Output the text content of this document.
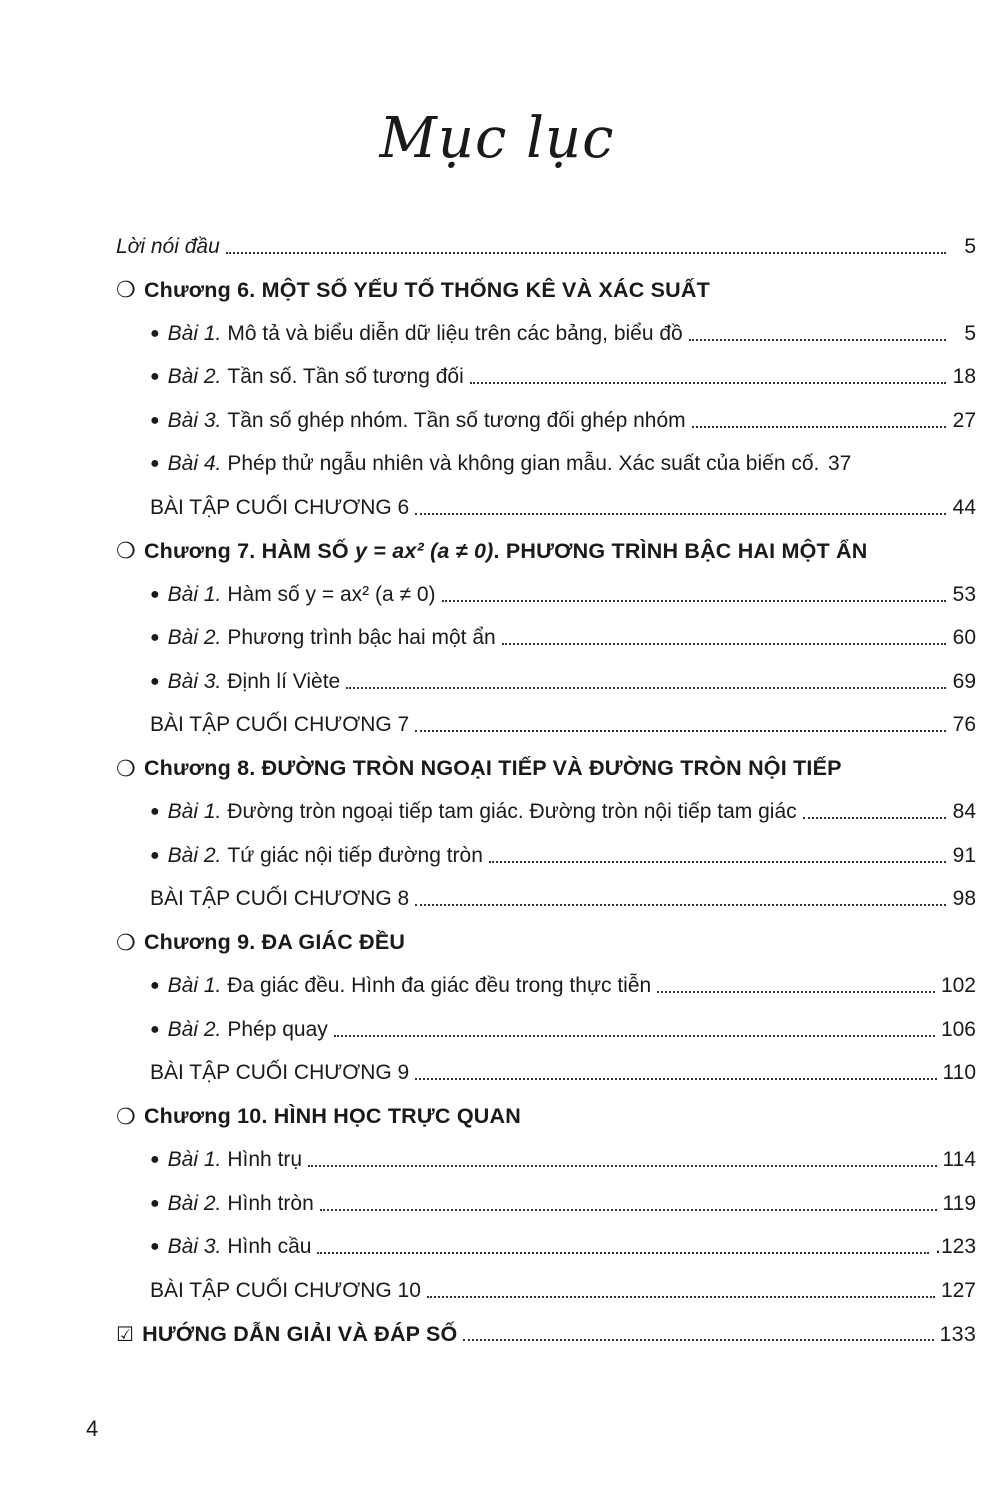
Mục lục
Lời nói đầu	5
❍ Chương 6. MỘT SỐ YẾU TỐ THỐNG KÊ VÀ XÁC SUẤT
● Bài 1. Mô tả và biểu diễn dữ liệu trên các bảng, biểu đồ	5
● Bài 2. Tần số. Tần số tương đối	18
● Bài 3. Tần số ghép nhóm. Tần số tương đối ghép nhóm	27
● Bài 4. Phép thử ngẫu nhiên và không gian mẫu. Xác suất của biến cố. 37
BÀI TẬP CUỐI CHƯƠNG 6	44
❍ Chương 7. HÀM SỐ y = ax² (a ≠ 0) . PHƯƠNG TRÌNH BẬC HAI MỘT ẨN
● Bài 1. Hàm số y = ax² (a ≠ 0)	53
● Bài 2. Phương trình bậc hai một ẩn	60
● Bài 3. Định lí Viète	69
BÀI TẬP CUỐI CHƯƠNG 7	76
❍ Chương 8. ĐƯỜNG TRÒN NGOẠI TIẾP VÀ ĐƯỜNG TRÒN NỘI TIẾP
● Bài 1. Đường tròn ngoại tiếp tam giác. Đường tròn nội tiếp tam giác	84
● Bài 2. Tứ giác nội tiếp đường tròn	91
BÀI TẬP CUỐI CHƯƠNG 8	98
❍ Chương 9. ĐA GIÁC ĐỀU
● Bài 1. Đa giác đều. Hình đa giác đều trong thực tiễn	102
● Bài 2. Phép quay	106
BÀI TẬP CUỐI CHƯƠNG 9	110
❍ Chương 10. HÌNH HỌC TRỰC QUAN
● Bài 1. Hình trụ	114
● Bài 2. Hình tròn	119
● Bài 3. Hình cầu	.123
BÀI TẬP CUỐI CHƯƠNG 10	127
☑ HƯỚNG DẪN GIẢI VÀ ĐÁP SỐ	133
4
